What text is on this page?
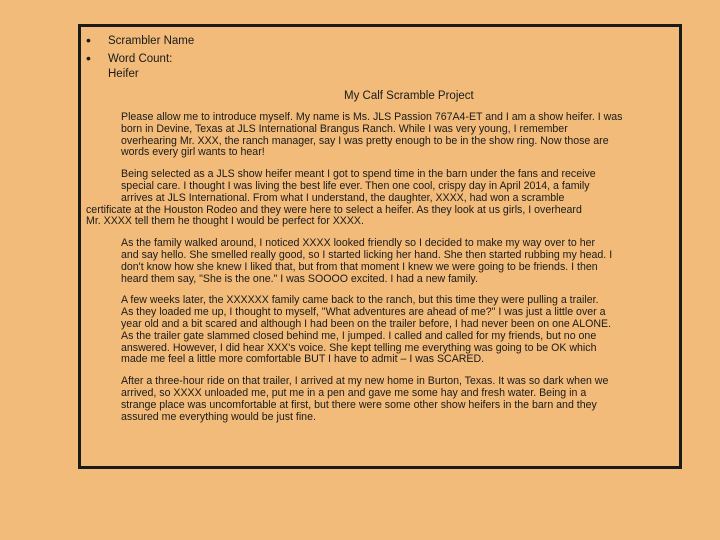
• Scrambler Name
• Word Count:
Heifer
My Calf Scramble Project

Please allow me to introduce myself. My name is Ms. JLS Passion 767A4-ET and I am a show heifer. I was
born in Devine, Texas at JLS International Brangus Ranch. While I was very young, I remember
overhearing Mr. XXX, the ranch manager, say I was pretty enough to be in the show ring. Now those are
words every girl wants to hear!

Being selected as a JLS show heifer meant I got to spend time in the barn under the fans and receive
special care. I thought I was living the best life ever. Then one cool, crispy day in April 2014, a family
arrives at JLS International. From what I understand, the daughter, XXXX, had won a scramble
certificate at the Houston Rodeo and they were here to select a heifer. As they look at us girls, I overheard
Mr. XXXX tell them he thought I would be perfect for XXXX.

As the family walked around, I noticed XXXX looked friendly so I decided to make my way over to her
and say hello. She smelled really good, so I started licking her hand. She then started rubbing my head. I
don't know how she knew I liked that, but from that moment I knew we were going to be friends. I then
heard them say, "She is the one." I was SOOOO excited. I had a new family.

A few weeks later, the XXXXXX family came back to the ranch, but this time they were pulling a trailer.
As they loaded me up, I thought to myself, "What adventures are ahead of me?" I was just a little over a
year old and a bit scared and although I had been on the trailer before, I had never been on one ALONE.
As the trailer gate slammed closed behind me, I jumped. I called and called for my friends, but no one
answered. However, I did hear XXX's voice. She kept telling me everything was going to be OK which
made me feel a little more comfortable BUT I have to admit – I was SCARED.

After a three-hour ride on that trailer, I arrived at my new home in Burton, Texas. It was so dark when we
arrived, so XXXX unloaded me, put me in a pen and gave me some hay and fresh water. Being in a
strange place was uncomfortable at first, but there were some other show heifers in the barn and they
assured me everything would be just fine.
